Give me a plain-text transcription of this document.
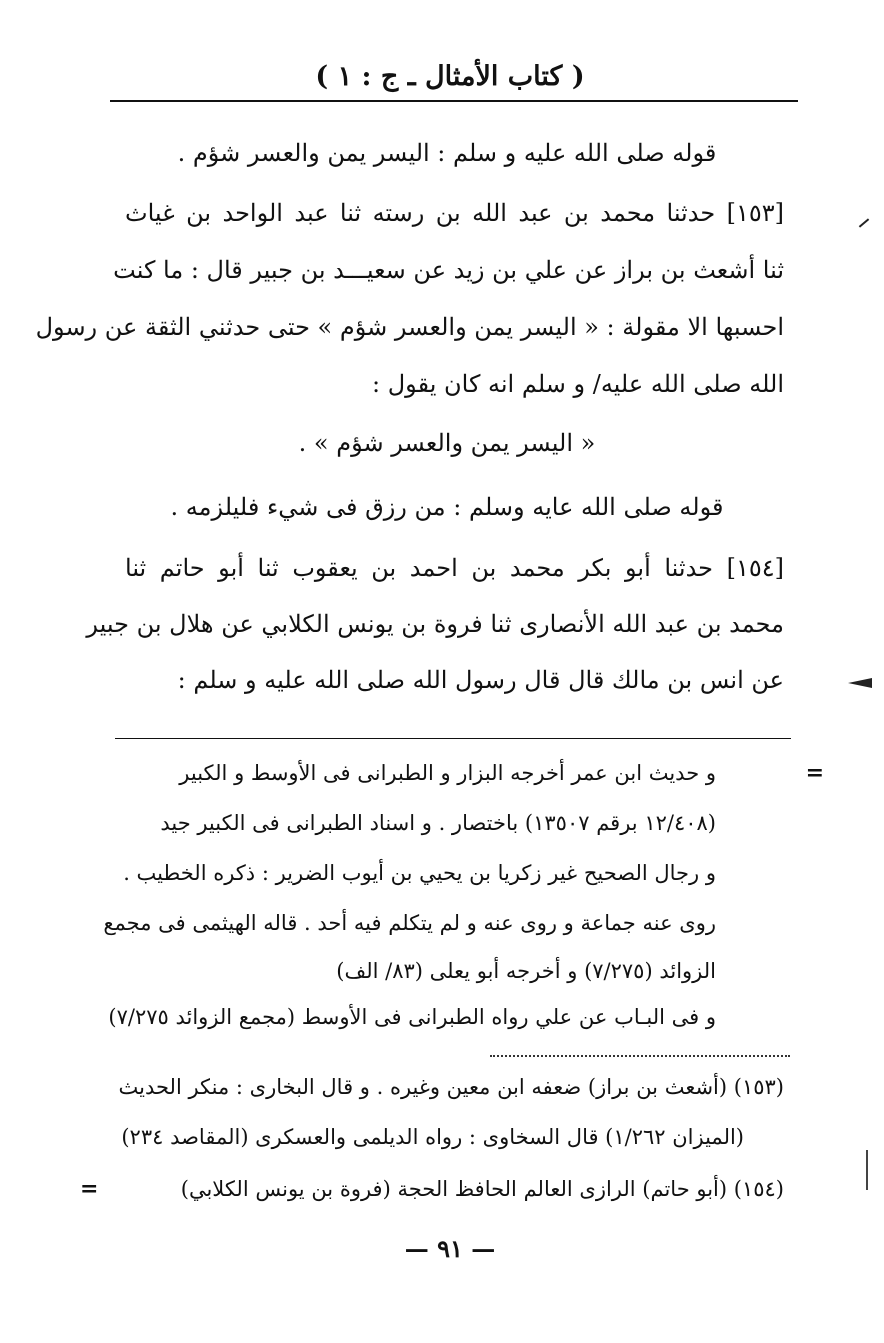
( كتاب الأمثال ـ ج : ١ )
قوله صلى الله عليه و سلم : اليسر يمن والعسر شؤم .
[١٥٣] حدثنا محمد بن عبد الله بن رسته ثنا عبد الواحد بن غياث
ثنا أشعث بن براز عن علي بن زيد عن سعيـــد بن جبير قال : ما كنت
احسبها الا مقولة : « اليسر يمن والعسر شؤم » حتى حدثني الثقة عن رسول
الله صلى الله عليه/ و سلم انه كان يقول :
« اليسر يمن والعسر شؤم » .
قوله صلى الله عايه وسلم : من رزق فى شيء فليلزمه .
[١٥٤] حدثنا أبو بكر محمد بن احمد بن يعقوب ثنا أبو حاتم ثنا
محمد بن عبد الله الأنصارى ثنا فروة بن يونس الكلابي عن هلال بن جبير
عن انس بن مالك قال قال رسول الله صلى الله عليه و سلم :
=
و حديث ابن عمر أخرجه البزار و الطبرانى فى الأوسط و الكبير
(١٢/٤٠٨ برقم ١٣٥٠٧) باختصار . و اسناد الطبرانى فى الكبير جيد
و رجال الصحيح غير زكريا بن يحيي بن أيوب الضرير : ذكره الخطيب .
روى عنه جماعة و روى عنه و لم يتكلم فيه أحد . قاله الهيثمى فى مجمع
الزوائد (٧/٢٧٥) و أخرجه أبو يعلى (٨٣/ الف)
و فى البـاب عن علي رواه الطبرانى فى الأوسط (مجمع الزوائد ٧/٢٧٥)
(١٥٣) (أشعث بن براز) ضعفه ابن معين وغيره . و قال البخارى : منكر الحديث
(الميزان ١/٢٦٢) قال السخاوى : رواه الديلمى والعسكرى (المقاصد ٢٣٤)
(١٥٤) (أبو حاتم) الرازى العالم الحافظ الحجة (فروة بن يونس الكلابي)
=
— ٩١ —
